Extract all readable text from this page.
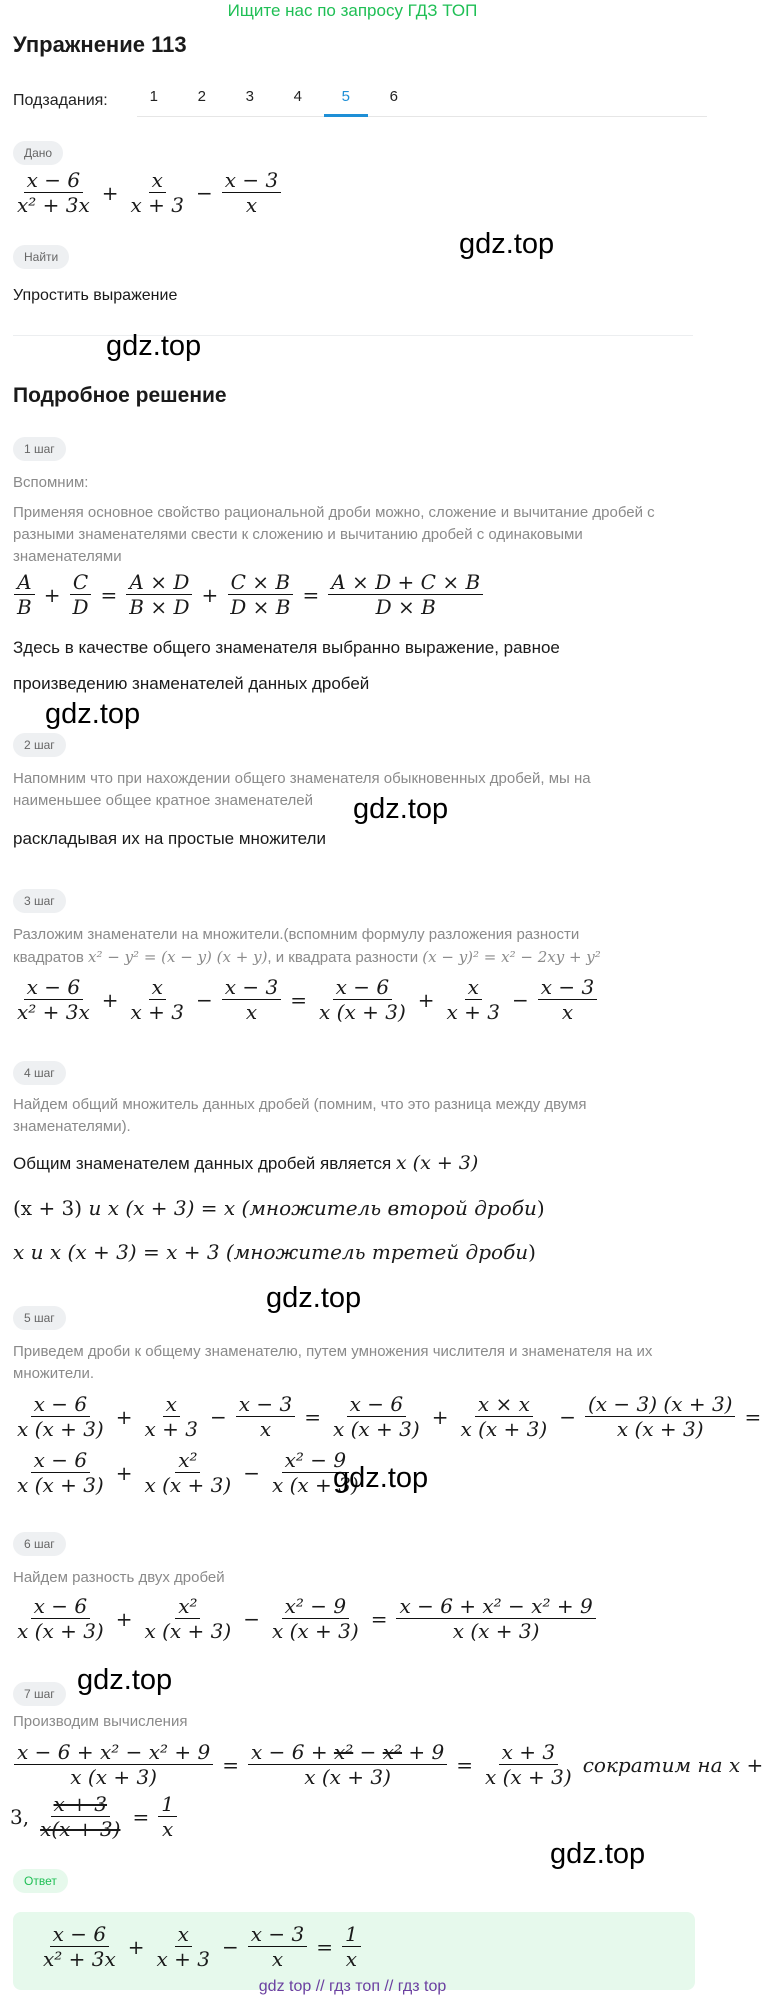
Ищите нас по запросу ГДЗ ТОП
Упражнение 113
Подзадания:	1	2	3	4	5	6
Дано
x − 6
x² + 3x
+ $\frac{x}{x + 3} - \frac{x - 3}{x}$
gdz.top
Найти
Упростить выражение
gdz.top
Подробное решение
1 шаг
Вспомним:
Применяя основное свойство рациональной дроби можно, сложение и вычитание дробей с разными знаменателями свести к сложению и вычитанию дробей с одинаковыми знаменателями
A
B
+ $\frac{C}{D} = \frac{A \times D}{B \times D} + \frac{C \times B}{D \times B} = \frac{A \times D + C \times B}{D \times B}$
Здесь в качестве общего знаменателя выбранно выражение, равное
произведению знаменателей данных дробей
gdz.top
2 шаг
Напомним что при нахождении общего знаменателя обыкновенных дробей, мы на наименьшее общее кратное знаменателей	gdz.top
раскладывая их на простые множители
3 шаг
Разложим знаменатели на множители.(вспомним формулу разложения разности
квадратов x² − y² = (x − y) (x + y), и квадрата разности (x − y)² = x² − 2xy + y²
x − 6
x² + 3x
+ $\frac{x}{x + 3} - \frac{x - 3}{x} = \frac{x - 6}{x (x + 3)} + \frac{x}{x + 3} - \frac{x - 3}{x}$
4 шаг
Найдем общий множитель данных дробей (помним, что это разница между двумя знаменателями).
Общим знаменателем данных дробей является x (x + 3)
(x + 3)
и x (x + 3) = x ( множитель второй дроби )
x
и x (x + 3) = x + 3 ( множитель третей дроби )
gdz.top
5 шаг
Приведем дроби к общему знаменателю, путем умножения числителя и знаменателя на их множители.
x − 6
x (x + 3)
+ $\frac{x}{x + 3} - \frac{x - 3}{x} = \frac{x - 6}{x (x + 3)} + \frac{x \times x}{x (x + 3)} - \frac{(x - 3) (x + 3)}{x (x + 3)}$ =
x − 6
x (x + 3)
+ $\frac{\text{x²}}{x (x + 3)} - \frac{\text{x² − 9}}{x (x + 3)}$
gdz.top
6 шаг
Найдем разность двух дробей
x − 6
x (x + 3)
+ $\frac{\text{x²}}{x (x + 3)} - \frac{\text{x² − 9}}{x (x + 3)} = \frac{\text{x − 6 + x² − x² + 9}}{x (x + 3)}$
7 шаг gdz.top
Производим вычисления
$\frac{\text{x − 6 + x² − x² + 9}}{x (x + 3)} = \frac{\text{x − 6 + x² − x² + 9}}{x (x + 3)} = \frac{x + 3}{x (x + 3)}$ сократим на x +
3, $\frac{x + 3}{x(x + 3)} = \frac{1}{x}$
gdz.top
Ответ
x − 6
x² + 3x
+ $\frac{x}{x + 3} - \frac{x - 3}{x} = \frac{1}{x}$
gdz top // гдз топ // гдз top
